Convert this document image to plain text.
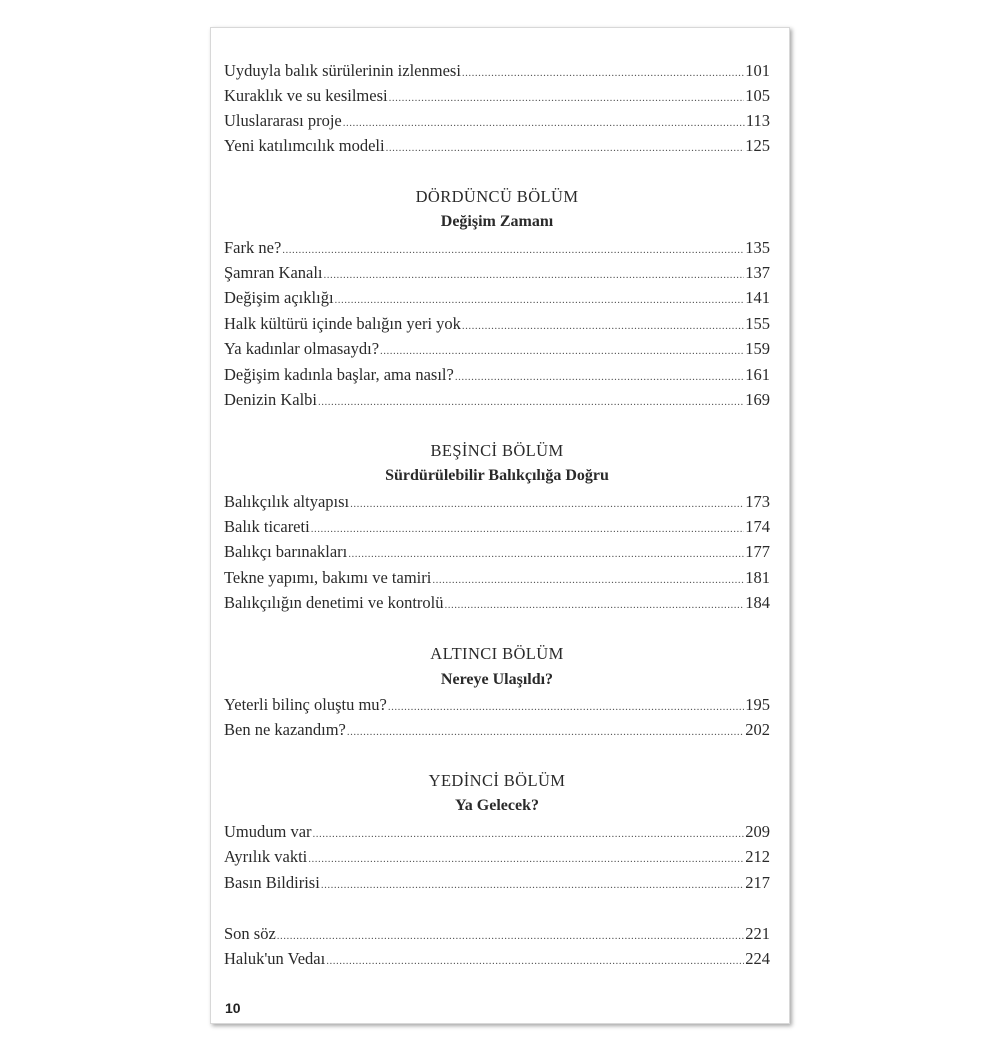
Uyduyla balık sürülerinin izlenmesi .....	101
Kuraklık ve su kesilmesi .....	105
Uluslararası proje .....	113
Yeni katılımcılık modeli .....	125
DÖRDÜNCÜ BÖLÜM
Değişim Zamanı
Fark ne? .....	135
Şamran Kanalı .....	137
Değişim açıklığı .....	141
Halk kültürü içinde balığın yeri yok .....	155
Ya kadınlar olmasaydı? .....	159
Değişim kadınla başlar, ama nasıl? .....	161
Denizin Kalbi .....	169
BEŞİNCİ BÖLÜM
Sürdürülebilir Balıkçılığa Doğru
Balıkçılık altyapısı .....	173
Balık ticareti .....	174
Balıkçı barınakları .....	177
Tekne yapımı, bakımı ve tamiri .....	181
Balıkçılığın denetimi ve kontrolü .....	184
ALTINCI BÖLÜM
Nereye Ulaşıldı?
Yeterli bilinç oluştu mu? .....	195
Ben ne kazandım? .....	202
YEDİNCİ BÖLÜM
Ya Gelecek?
Umudum var .....	209
Ayrılık vakti .....	212
Basın Bildirisi .....	217
Son söz .....	221
Haluk'un Vedaı .....	224
10
